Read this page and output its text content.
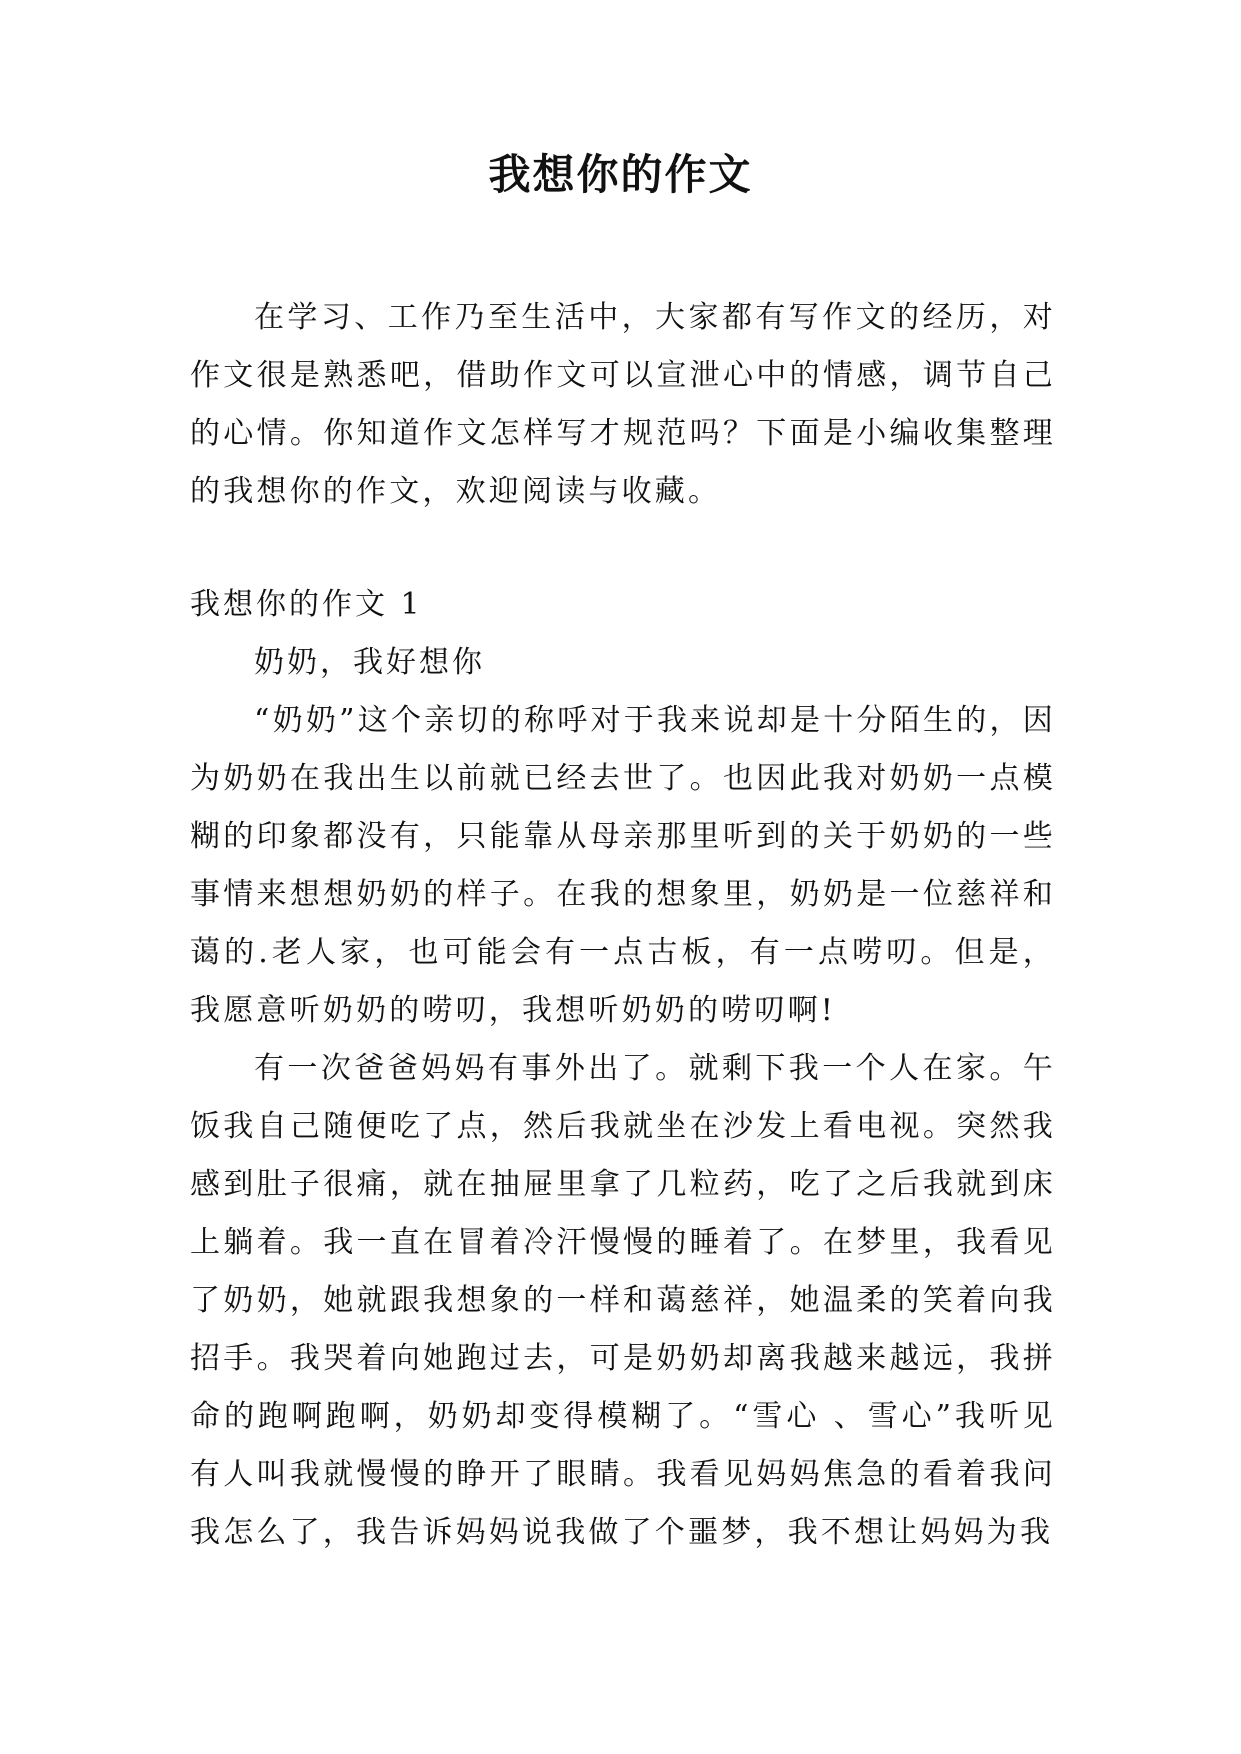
我想你的作文

在学习、工作乃至生活中，大家都有写作文的经历，对作文很是熟悉吧，借助作文可以宣泄心中的情感，调节自己的心情。你知道作文怎样写才规范吗？下面是小编收集整理的我想你的作文，欢迎阅读与收藏。

我想你的作文 1

奶奶，我好想你

“奶奶”这个亲切的称呼对于我来说却是十分陌生的，因为奶奶在我出生以前就已经去世了。也因此我对奶奶一点模糊的印象都没有，只能靠从母亲那里听到的关于奶奶的一些事情来想想奶奶的样子。在我的想象里，奶奶是一位慈祥和蔼的.老人家，也可能会有一点古板，有一点唠叨。但是，我愿意听奶奶的唠叨，我想听奶奶的唠叨啊!

有一次爸爸妈妈有事外出了。就剩下我一个人在家。午饭我自己随便吃了点，然后我就坐在沙发上看电视。突然我感到肚子很痛，就在抽屉里拿了几粒药，吃了之后我就到床上躺着。我一直在冒着冷汗慢慢的睡着了。在梦里，我看见了奶奶，她就跟我想象的一样和蔼慈祥，她温柔的笑着向我招手。我哭着向她跑过去，可是奶奶却离我越来越远，我拼命的跑啊跑啊，奶奶却变得模糊了。“雪心 、雪心”我听见有人叫我就慢慢的睁开了眼睛。我看见妈妈焦急的看着我问我怎么了，我告诉妈妈说我做了个噩梦，我不想让妈妈为我
